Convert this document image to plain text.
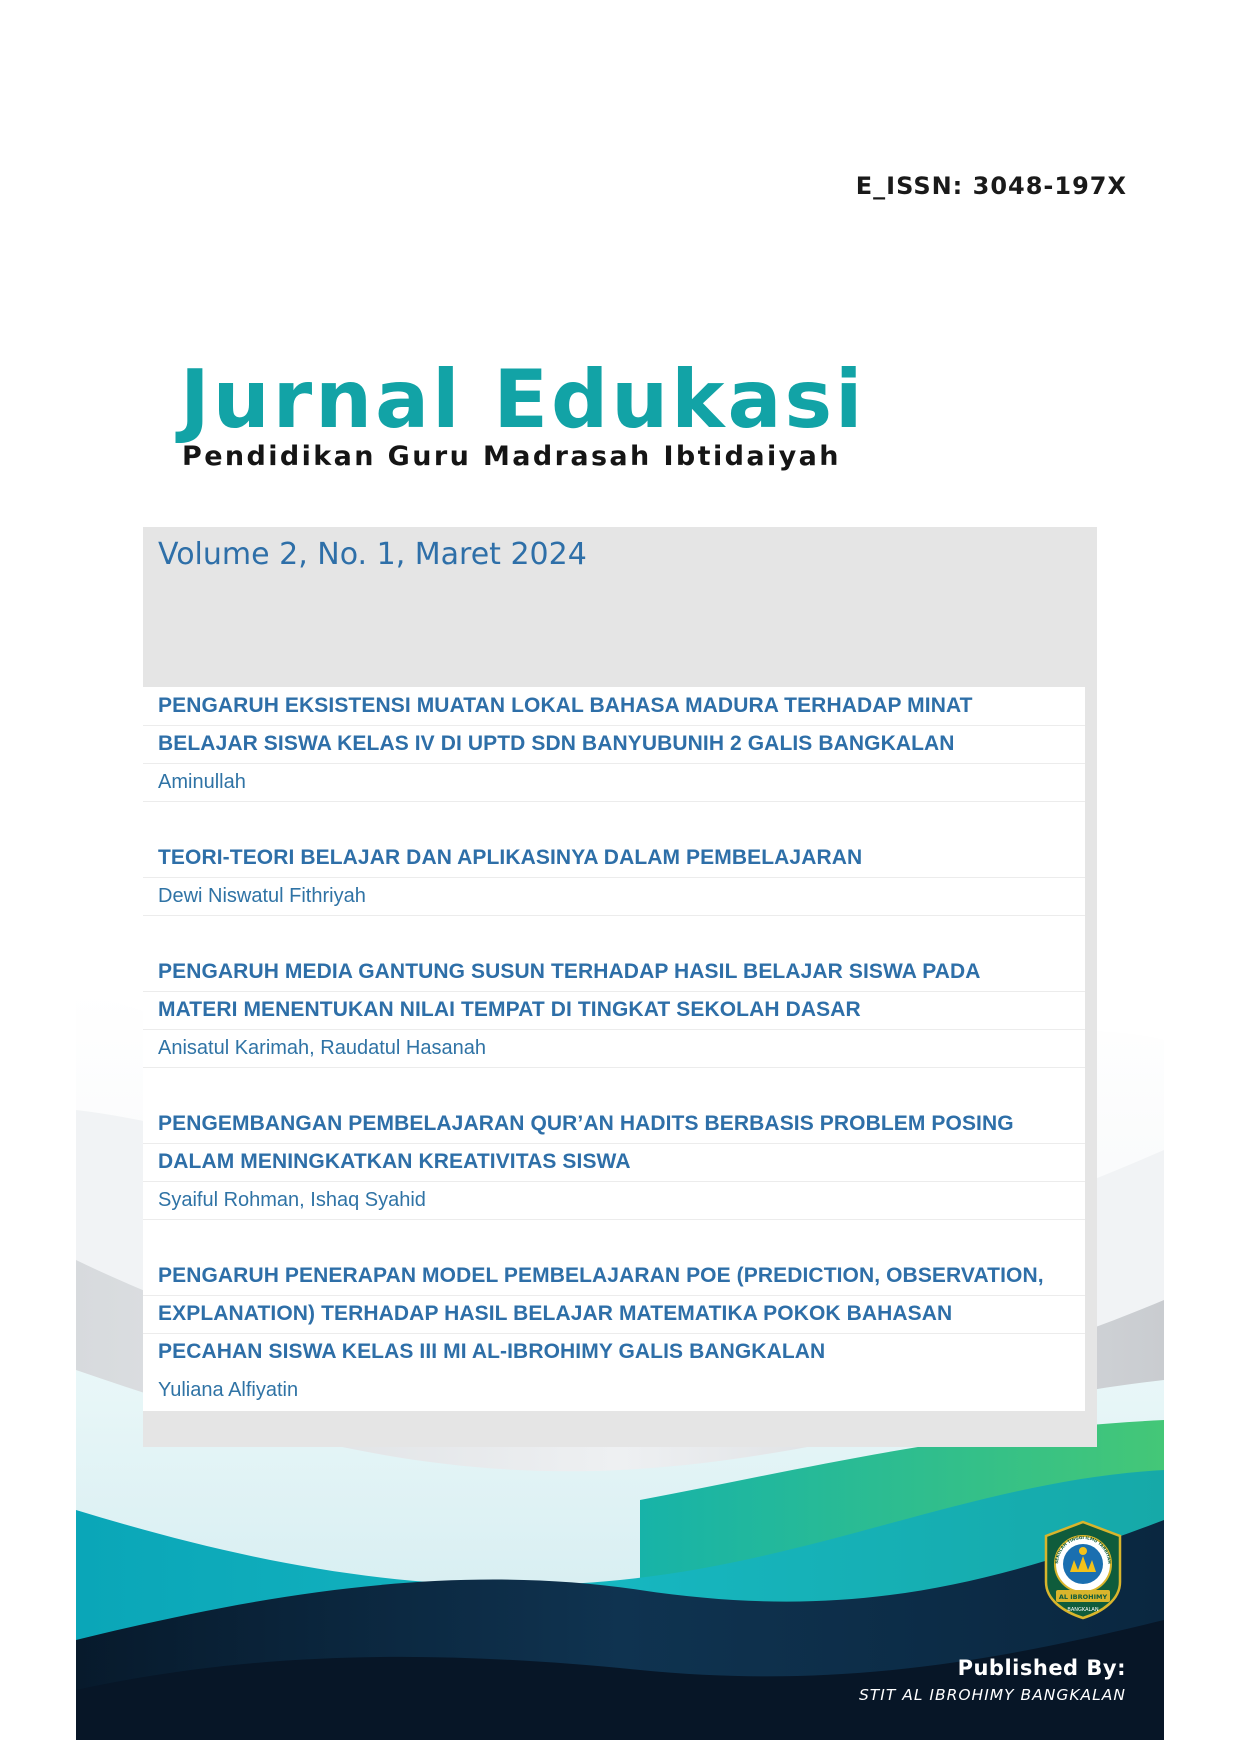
E_ISSN: 3048-197X
Jurnal Edukasi
Pendidikan Guru Madrasah Ibtidaiyah
Volume 2, No. 1, Maret 2024
PENGARUH EKSISTENSI MUATAN LOKAL BAHASA MADURA TERHADAP MINAT
BELAJAR SISWA KELAS IV DI UPTD SDN BANYUBUNIH 2 GALIS BANGKALAN
Aminullah
TEORI-TEORI BELAJAR DAN APLIKASINYA DALAM PEMBELAJARAN
Dewi Niswatul Fithriyah
PENGARUH MEDIA GANTUNG SUSUN TERHADAP HASIL BELAJAR SISWA PADA
MATERI MENENTUKAN NILAI TEMPAT DI TINGKAT SEKOLAH DASAR
Anisatul Karimah, Raudatul Hasanah
PENGEMBANGAN PEMBELAJARAN QUR’AN HADITS BERBASIS PROBLEM POSING
DALAM MENINGKATKAN KREATIVITAS SISWA
Syaiful Rohman, Ishaq Syahid
PENGARUH PENERAPAN MODEL PEMBELAJARAN POE (PREDICTION, OBSERVATION,
EXPLANATION) TERHADAP HASIL BELAJAR MATEMATIKA POKOK BAHASAN
PECAHAN SISWA KELAS III MI AL-IBROHIMY GALIS BANGKALAN
Yuliana Alfiyatin
AL IBROHIMY
BANGKALAN
SEKOLAH TINGGI ILMU TARBIYAH
Published By:
STIT AL IBROHIMY BANGKALAN
